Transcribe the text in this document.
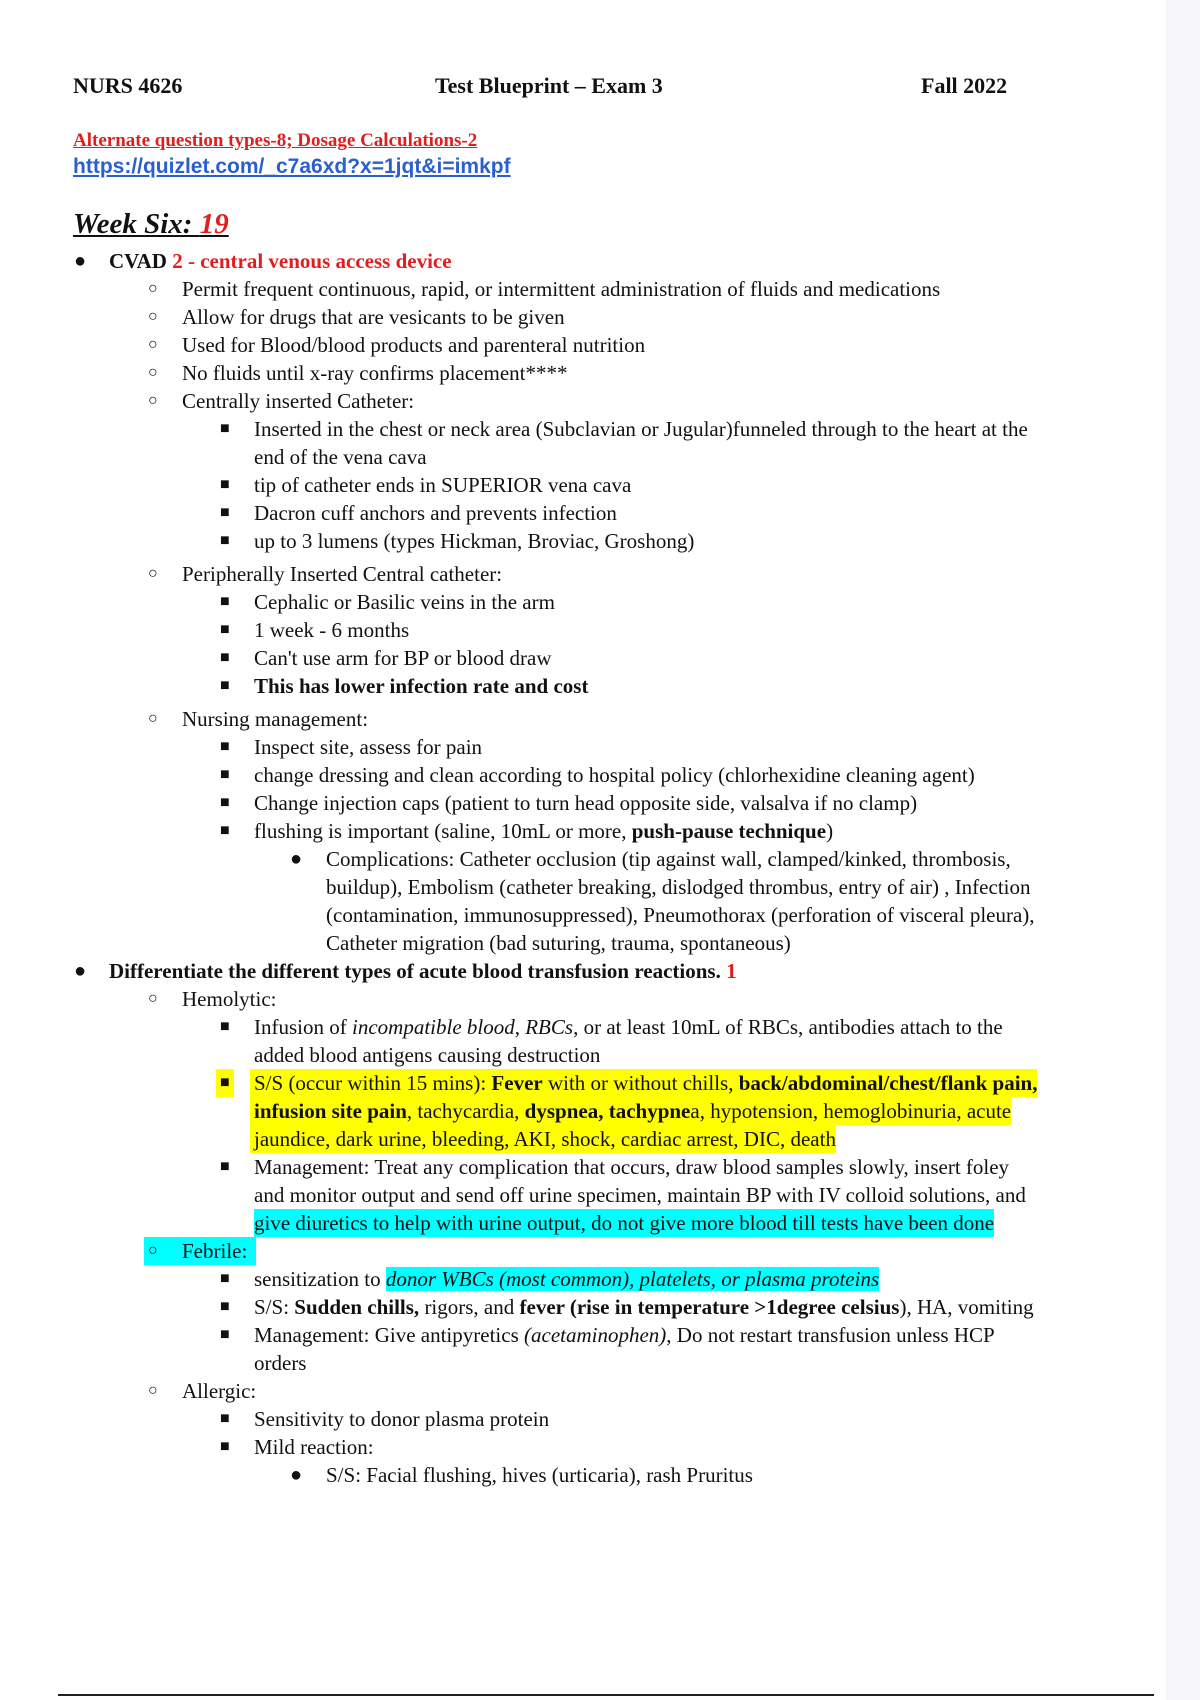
NURS 4626	Test Blueprint – Exam 3	Fall 2022
Alternate question types-8; Dosage Calculations-2
https://quizlet.com/_c7a6xd?x=1jqt&i=imkpf
Week Six: 19
● CVAD 2 - central venous access device
○ Permit frequent continuous, rapid, or intermittent administration of fluids and medications
○ Allow for drugs that are vesicants to be given
○ Used for Blood/blood products and parenteral nutrition
○ No fluids until x-ray confirms placement****
○ Centrally inserted Catheter:
■ Inserted in the chest or neck area (Subclavian or Jugular)funneled through to the heart at the
end of the vena cava
■ tip of catheter ends in SUPERIOR vena cava
■ Dacron cuff anchors and prevents infection
■ up to 3 lumens (types Hickman, Broviac, Groshong)
○ Peripherally Inserted Central catheter:
■ Cephalic or Basilic veins in the arm
■ 1 week - 6 months
■ Can't use arm for BP or blood draw
■ This has lower infection rate and cost
○ Nursing management:
■ Inspect site, assess for pain
■ change dressing and clean according to hospital policy (chlorhexidine cleaning agent)
■ Change injection caps (patient to turn head opposite side, valsalva if no clamp)
■ flushing is important (saline, 10mL or more, push-pause technique)
● Complications: Catheter occlusion (tip against wall, clamped/kinked, thrombosis,
buildup), Embolism (catheter breaking, dislodged thrombus, entry of air) , Infection
(contamination, immunosuppressed), Pneumothorax (perforation of visceral pleura),
Catheter migration (bad suturing, trauma, spontaneous)
● Differentiate the different types of acute blood transfusion reactions. 1
○ Hemolytic:
■ Infusion of incompatible blood, RBCs, or at least 10mL of RBCs, antibodies attach to the
added blood antigens causing destruction
■ S/S (occur within 15 mins): Fever with or without chills, back/abdominal/chest/flank pain,
infusion site pain, tachycardia, dyspnea, tachypnea, hypotension, hemoglobinuria, acute
jaundice, dark urine, bleeding, AKI, shock, cardiac arrest, DIC, death
■ Management: Treat any complication that occurs, draw blood samples slowly, insert foley
and monitor output and send off urine specimen, maintain BP with IV colloid solutions, and
give diuretics to help with urine output, do not give more blood till tests have been done
○ Febrile:
■ sensitization to donor WBCs (most common), platelets, or plasma proteins
■ S/S: Sudden chills, rigors, and fever (rise in temperature >1degree celsius), HA, vomiting
■ Management: Give antipyretics (acetaminophen), Do not restart transfusion unless HCP
orders
○ Allergic:
■ Sensitivity to donor plasma protein
■ Mild reaction:
● S/S: Facial flushing, hives (urticaria), rash Pruritus
